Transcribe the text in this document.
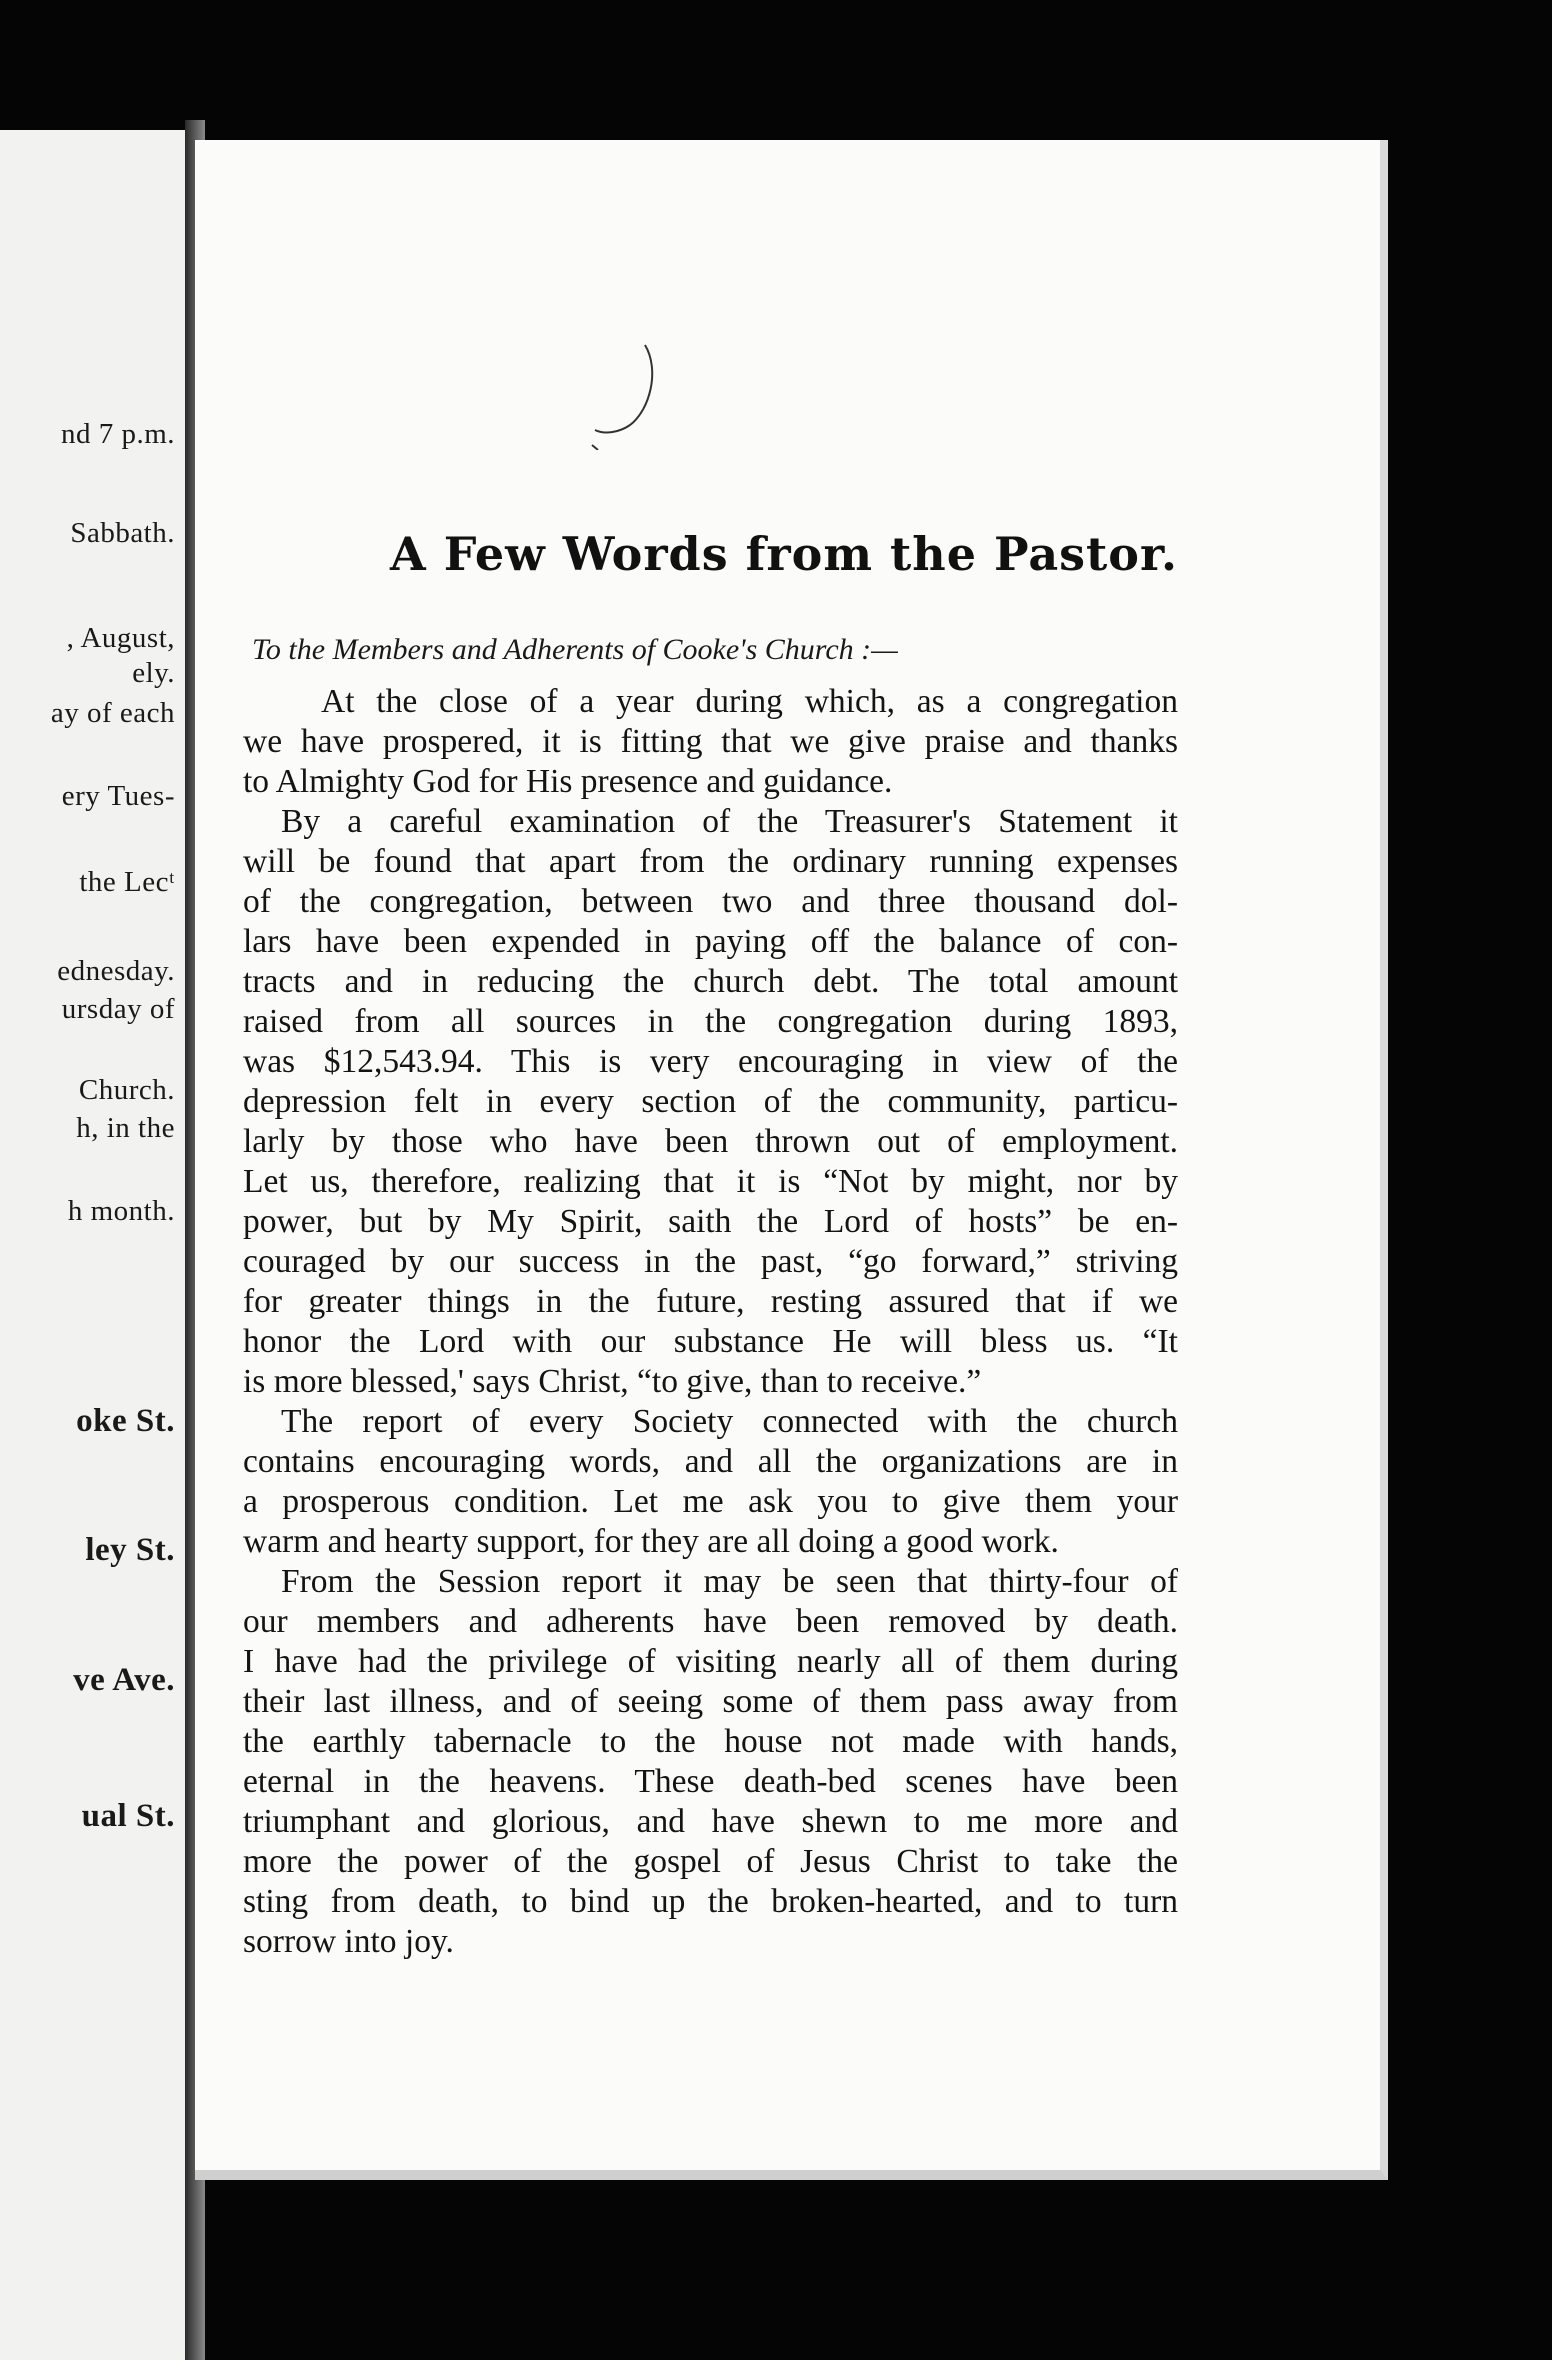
nd 7 p.m.
Sabbath.
, August,
ely.
ay of each
ery Tues-
the Lecᵗ
ednesday.
ursday of
Church.
h, in the
h month.
oke St.
ley St.
ve Ave.
ual St.
A Few Words from the Pastor.
To the Members and Adherents of Cooke's Church :—
At the close of a year during which, as a congregation
we have prospered, it is fitting that we give praise and thanks
to Almighty God for His presence and guidance.
By a careful examination of the Treasurer's Statement it
will be found that apart from the ordinary running expenses
of the congregation, between two and three thousand dol-
lars have been expended in paying off the balance of con-
tracts and in reducing the church debt. The total amount
raised from all sources in the congregation during 1893,
was $12,543.94. This is very encouraging in view of the
depression felt in every section of the community, particu-
larly by those who have been thrown out of employment.
Let us, therefore, realizing that it is “Not by might, nor by
power, but by My Spirit, saith the Lord of hosts” be en-
couraged by our success in the past, “go forward,” striving
for greater things in the future, resting assured that if we
honor the Lord with our substance He will bless us. “It
is more blessed,' says Christ, “to give, than to receive.”
The report of every Society connected with the church
contains encouraging words, and all the organizations are in
a prosperous condition. Let me ask you to give them your
warm and hearty support, for they are all doing a good work.
From the Session report it may be seen that thirty-four of
our members and adherents have been removed by death.
I have had the privilege of visiting nearly all of them during
their last illness, and of seeing some of them pass away from
the earthly tabernacle to the house not made with hands,
eternal in the heavens. These death-bed scenes have been
triumphant and glorious, and have shewn to me more and
more the power of the gospel of Jesus Christ to take the
sting from death, to bind up the broken-hearted, and to turn
sorrow into joy.
